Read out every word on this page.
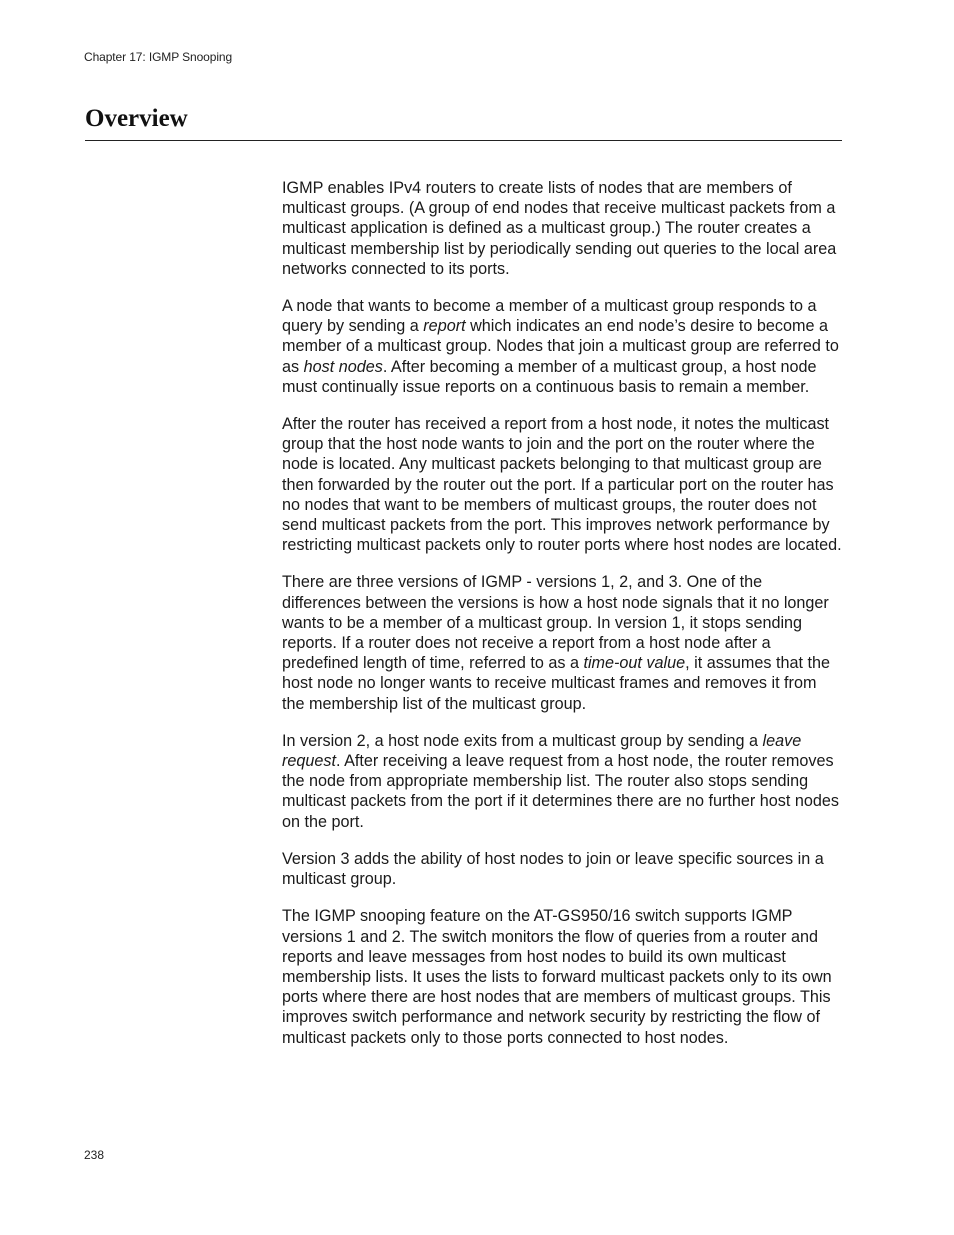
Chapter 17: IGMP Snooping
Overview

IGMP enables IPv4 routers to create lists of nodes that are members of multicast groups. (A group of end nodes that receive multicast packets from a multicast application is defined as a multicast group.) The router creates a multicast membership list by periodically sending out queries to the local area networks connected to its ports.

A node that wants to become a member of a multicast group responds to a query by sending a report which indicates an end node’s desire to become a member of a multicast group. Nodes that join a multicast group are referred to as host nodes. After becoming a member of a multicast group, a host node must continually issue reports on a continuous basis to remain a member.

After the router has received a report from a host node, it notes the multicast group that the host node wants to join and the port on the router where the node is located. Any multicast packets belonging to that multicast group are then forwarded by the router out the port. If a particular port on the router has no nodes that want to be members of multicast groups, the router does not send multicast packets from the port. This improves network performance by restricting multicast packets only to router ports where host nodes are located.

There are three versions of IGMP - versions 1, 2, and 3. One of the differences between the versions is how a host node signals that it no longer wants to be a member of a multicast group. In version 1, it stops sending reports. If a router does not receive a report from a host node after a predefined length of time, referred to as a time-out value, it assumes that the host node no longer wants to receive multicast frames and removes it from the membership list of the multicast group.

In version 2, a host node exits from a multicast group by sending a leave request. After receiving a leave request from a host node, the router removes the node from appropriate membership list. The router also stops sending multicast packets from the port if it determines there are no further host nodes on the port.

Version 3 adds the ability of host nodes to join or leave specific sources in a multicast group.

The IGMP snooping feature on the AT-GS950/16 switch supports IGMP versions 1 and 2. The switch monitors the flow of queries from a router and reports and leave messages from host nodes to build its own multicast membership lists. It uses the lists to forward multicast packets only to its own ports where there are host nodes that are members of multicast groups. This improves switch performance and network security by restricting the flow of multicast packets only to those ports connected to host nodes.

238
